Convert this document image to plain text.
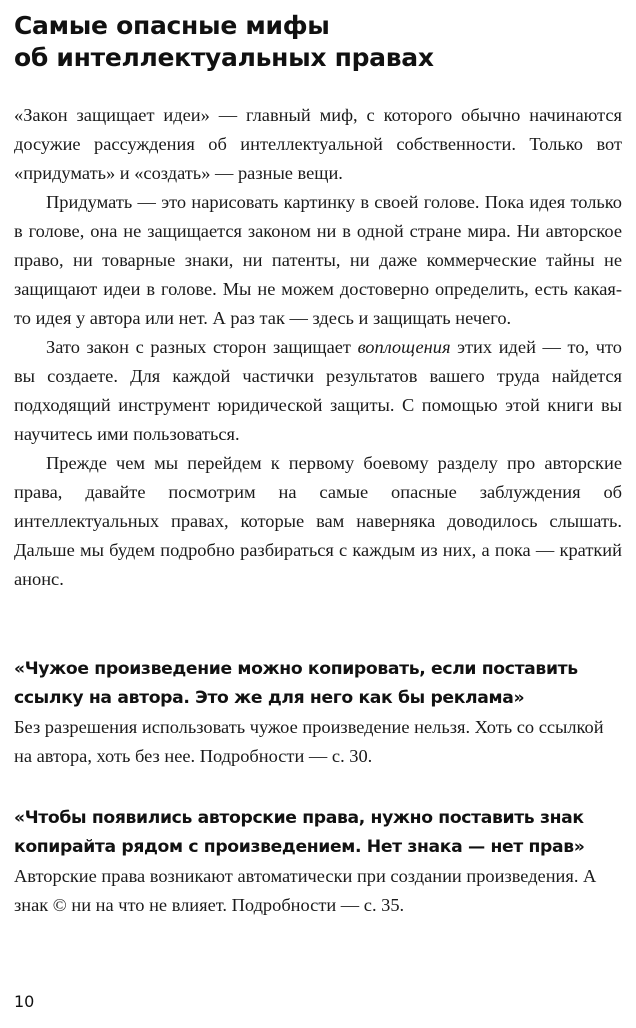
Самые опасные мифы
об интеллектуальных правах

«Закон защищает идеи» — главный миф, с которого обычно начинаются досужие рассуждения об интеллектуальной собственности. Только вот «придумать» и «создать» — разные вещи.

Придумать — это нарисовать картинку в своей голове. Пока идея только в голове, она не защищается законом ни в одной стране мира. Ни авторское право, ни товарные знаки, ни патенты, ни даже коммерческие тайны не защищают идеи в голове. Мы не можем достоверно определить, есть какая-то идея у автора или нет. А раз так — здесь и защищать нечего.

Зато закон с разных сторон защищает воплощения этих идей — то, что вы создаете. Для каждой частички результатов вашего труда найдется подходящий инструмент юридической защиты. С помощью этой книги вы научитесь ими пользоваться.

Прежде чем мы перейдем к первому боевому разделу про авторские права, давайте посмотрим на самые опасные заблуждения об интеллектуальных правах, которые вам наверняка доводилось слышать. Дальше мы будем подробно разбираться с каждым из них, а пока — краткий анонс.

«Чужое произведение можно копировать, если поставить
ссылку на автора. Это же для него как бы реклама»

Без разрешения использовать чужое произведение нельзя. Хоть со ссылкой на автора, хоть без нее. Подробности — с. 30.

«Чтобы появились авторские права, нужно поставить знак
копирайта рядом с произведением. Нет знака — нет прав»

Авторские права возникают автоматически при создании произведения. А знак © ни на что не влияет. Подробности — с. 35.

10
